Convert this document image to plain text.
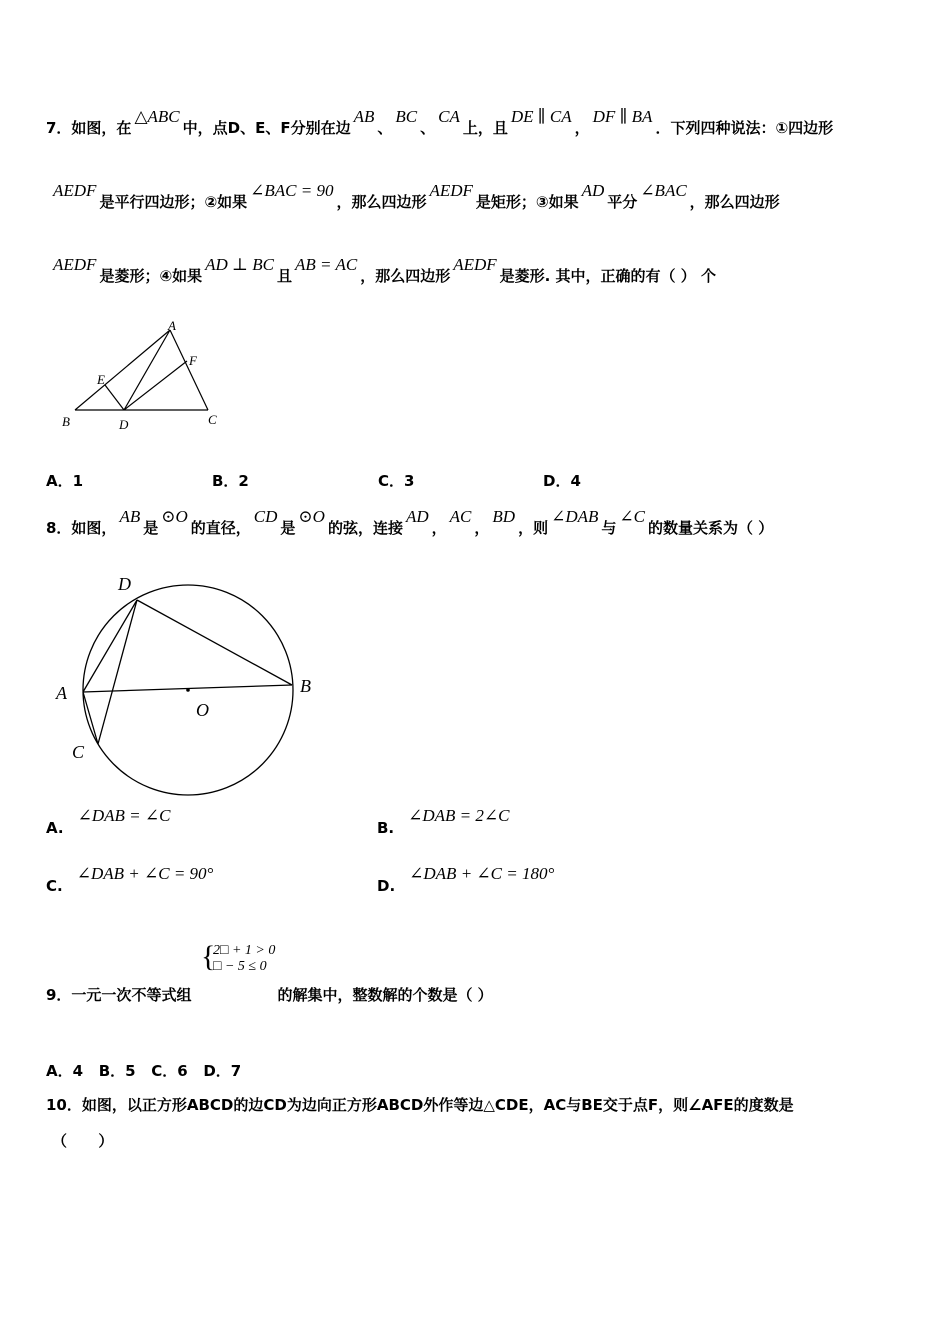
7．如图，在△ABC中，点D、E、F分别在边AB、BC、CA上，且DE ∥ CA，DF ∥ BA．下列四种说法：①四边形
AEDF是平行四边形；②如果∠BAC = 90，那么四边形AEDF是矩形；③如果AD平分∠BAC，那么四边形
AEDF是菱形；④如果AD ⊥ BC且AB = AC，那么四边形AEDF是菱形. 其中，正确的有（ ） 个
A
B	C
D
E
F
A．1	B．2	C．3	D．4
8．如图，AB是⊙O的直径，CD是⊙O的弦，连接AD，AC，BD，则∠DAB与∠C的数量关系为（ ）
A	B
C
D
O
A.∠DAB = ∠C
B.∠DAB = 2∠C
C.∠DAB + ∠C = 90°
D.∠DAB + ∠C = 180°
{
2□ + 1 > 0
□ − 5 ≤ 0
9．一元一次不等式组	的解集中，整数解的个数是（ ）
A．4   B．5   C．6   D．7
10．如图，以正方形ABCD的边CD为边向正方形ABCD外作等边△CDE，AC与BE交于点F，则∠AFE的度数是
（      ）
